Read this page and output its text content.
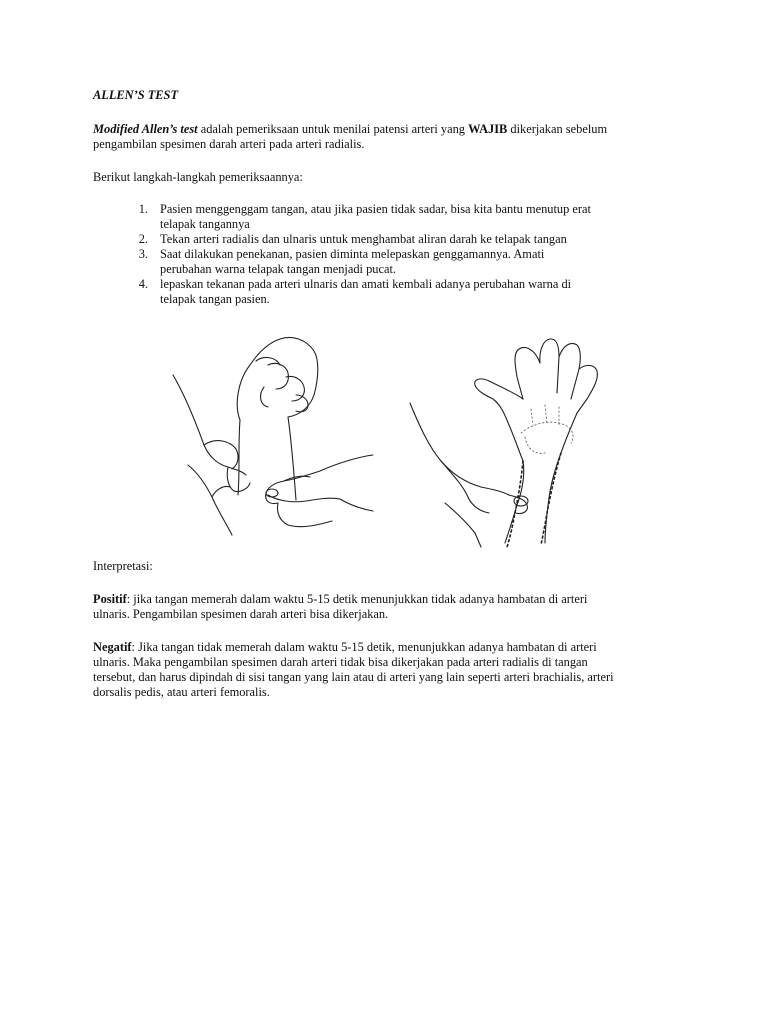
ALLEN’S TEST
Modified Allen’s test adalah pemeriksaan untuk menilai patensi arteri yang WAJIB dikerjakan sebelum
pengambilan spesimen darah arteri pada arteri radialis.
Berikut langkah-langkah pemeriksaannya:
1. Pasien menggenggam tangan, atau jika pasien tidak sadar, bisa kita bantu menutup erat
telapak tangannya
2. Tekan arteri radialis dan ulnaris untuk menghambat aliran darah ke telapak tangan
3. Saat dilakukan penekanan, pasien diminta melepaskan genggamannya. Amati
perubahan warna telapak tangan menjadi pucat.
4. lepaskan tekanan pada arteri ulnaris dan amati kembali adanya perubahan warna di
telapak tangan pasien.
Interpretasi:
Positif: jika tangan memerah dalam waktu 5-15 detik menunjukkan tidak adanya hambatan di arteri
ulnaris. Pengambilan spesimen darah arteri bisa dikerjakan.
Negatif: Jika tangan tidak memerah dalam waktu 5-15 detik, menunjukkan adanya hambatan di arteri
ulnaris. Maka pengambilan spesimen darah arteri tidak bisa dikerjakan pada arteri radialis di tangan
tersebut, dan harus dipindah di sisi tangan yang lain atau di arteri yang lain seperti arteri brachialis, arteri
dorsalis pedis, atau arteri femoralis.
